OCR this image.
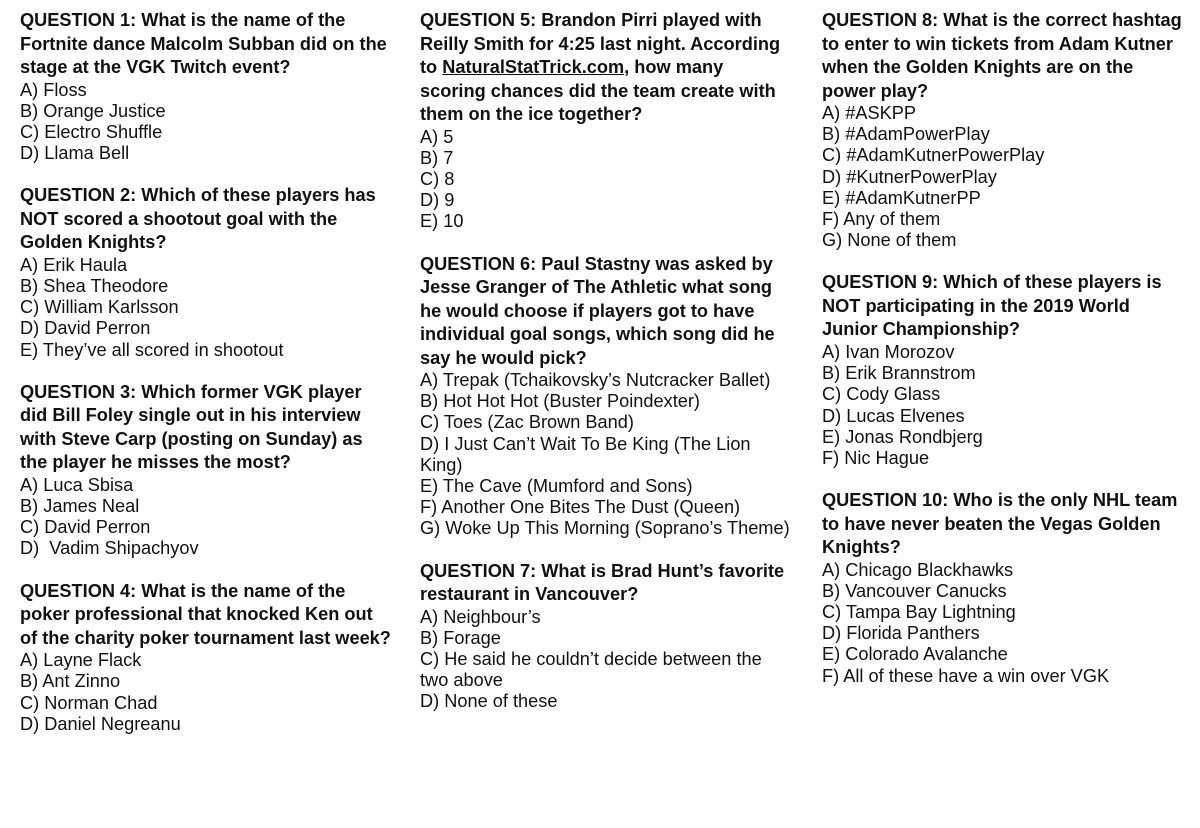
QUESTION 1: What is the name of the Fortnite dance Malcolm Subban did on the stage at the VGK Twitch event?

A) Floss
B) Orange Justice
C) Electro Shuffle
D) Llama Bell

QUESTION 2: Which of these players has NOT scored a shootout goal with the Golden Knights?

A) Erik Haula
B) Shea Theodore
C) William Karlsson
D) David Perron
E) They’ve all scored in shootout

QUESTION 3: Which former VGK player did Bill Foley single out in his interview with Steve Carp (posting on Sunday) as the player he misses the most?

A) Luca Sbisa
B) James Neal
C) David Perron
D)  Vadim Shipachyov

QUESTION 4: What is the name of the poker professional that knocked Ken out of the charity poker tournament last week?

A) Layne Flack
B) Ant Zinno
C) Norman Chad
D) Daniel Negreanu

QUESTION 5: Brandon Pirri played with Reilly Smith for 4:25 last night. According to NaturalStatTrick.com, how many scoring chances did the team create with them on the ice together?

A) 5
B) 7
C) 8
D) 9
E) 10

QUESTION 6: Paul Stastny was asked by Jesse Granger of The Athletic what song he would choose if players got to have individual goal songs, which song did he say he would pick?

A) Trepak (Tchaikovsky’s Nutcracker Ballet)
B) Hot Hot Hot (Buster Poindexter)
C) Toes (Zac Brown Band)
D) I Just Can’t Wait To Be King (The Lion King)
E) The Cave (Mumford and Sons)
F) Another One Bites The Dust (Queen)
G) Woke Up This Morning (Soprano’s Theme)

QUESTION 7: What is Brad Hunt’s favorite restaurant in Vancouver?

A) Neighbour’s
B) Forage
C) He said he couldn’t decide between the two above
D) None of these

QUESTION 8: What is the correct hashtag to enter to win tickets from Adam Kutner when the Golden Knights are on the power play?

A) #ASKPP
B) #AdamPowerPlay
C) #AdamKutnerPowerPlay
D) #KutnerPowerPlay
E) #AdamKutnerPP
F) Any of them
G) None of them

QUESTION 9: Which of these players is NOT participating in the 2019 World Junior Championship?

A) Ivan Morozov
B) Erik Brannstrom
C) Cody Glass
D) Lucas Elvenes
E) Jonas Rondbjerg
F) Nic Hague

QUESTION 10: Who is the only NHL team to have never beaten the Vegas Golden Knights?

A) Chicago Blackhawks
B) Vancouver Canucks
C) Tampa Bay Lightning
D) Florida Panthers
E) Colorado Avalanche
F) All of these have a win over VGK
